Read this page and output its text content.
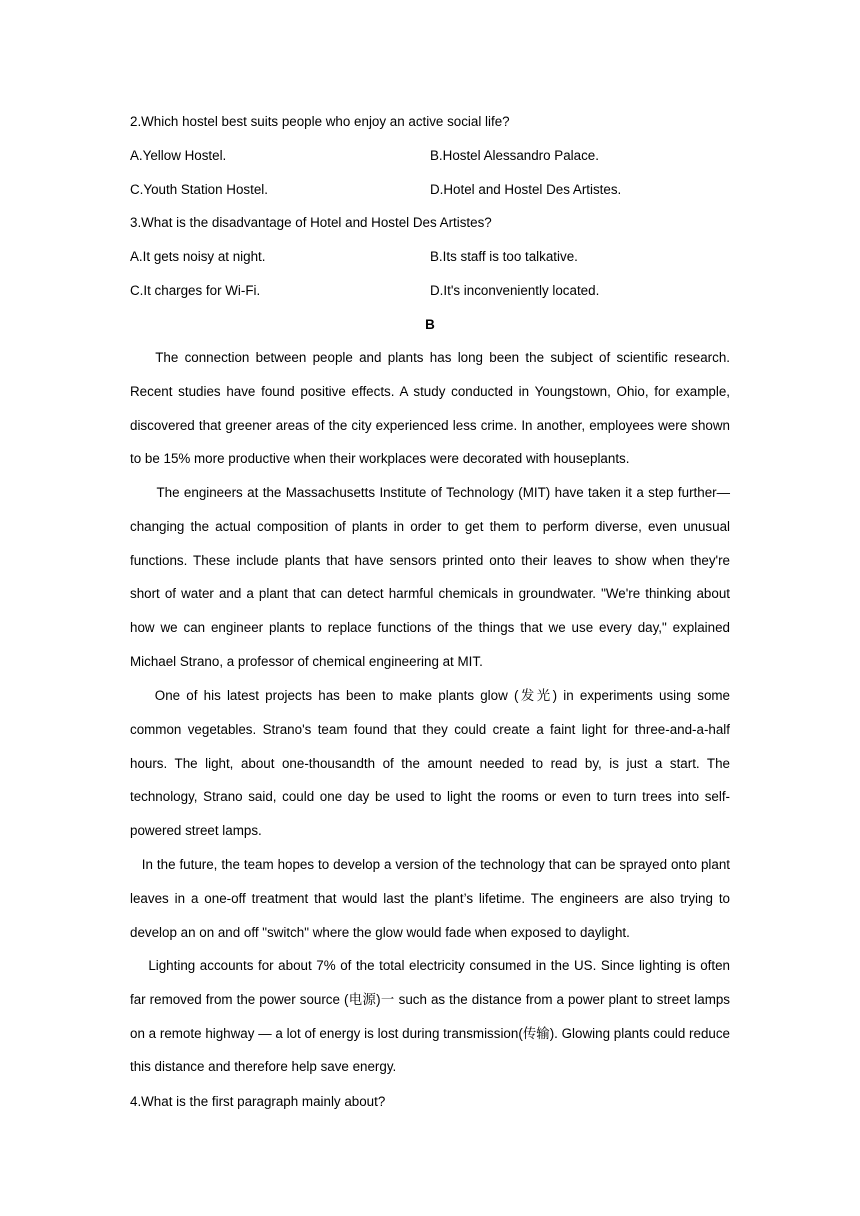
2.Which hostel best suits people who enjoy an active social life?
A.Yellow Hostel.	B.Hostel Alessandro Palace.
C.Youth Station Hostel.	D.Hotel and Hostel Des Artistes.
3.What is the disadvantage of Hotel and Hostel Des Artistes?
A.It gets noisy at night.	B.Its staff is too talkative.
C.It charges for Wi-Fi.	D.It's inconveniently located.
B
The connection between people and plants has long been the subject of scientific research. Recent studies have found positive effects. A study conducted in Youngstown, Ohio, for example, discovered that greener areas of the city experienced less crime. In another, employees were shown to be 15% more productive when their workplaces were decorated with houseplants.
The engineers at the Massachusetts Institute of Technology (MIT) have taken it a step further— changing the actual composition of plants in order to get them to perform diverse, even unusual functions. These include plants that have sensors printed onto their leaves to show when they're short of water and a plant that can detect harmful chemicals in groundwater. "We're thinking about how we can engineer plants to replace functions of the things that we use every day," explained Michael Strano, a professor of chemical engineering at MIT.
One of his latest projects has been to make plants glow (发光) in experiments using some common vegetables. Strano's team found that they could create a faint light for three-and-a-half hours. The light, about one-thousandth of the amount needed to read by, is just a start. The technology, Strano said, could one day be used to light the rooms or even to turn trees into self-powered street lamps.
In the future, the team hopes to develop a version of the technology that can be sprayed onto plant leaves in a one-off treatment that would last the plant’s lifetime. The engineers are also trying to develop an on and off "switch" where the glow would fade when exposed to daylight.
Lighting accounts for about 7% of the total electricity consumed in the US. Since lighting is often far removed from the power source (电源)一 such as the distance from a power plant to street lamps on a remote highway — a lot of energy is lost during transmission(传输). Glowing plants could reduce this distance and therefore help save energy.
4.What is the first paragraph mainly about?
